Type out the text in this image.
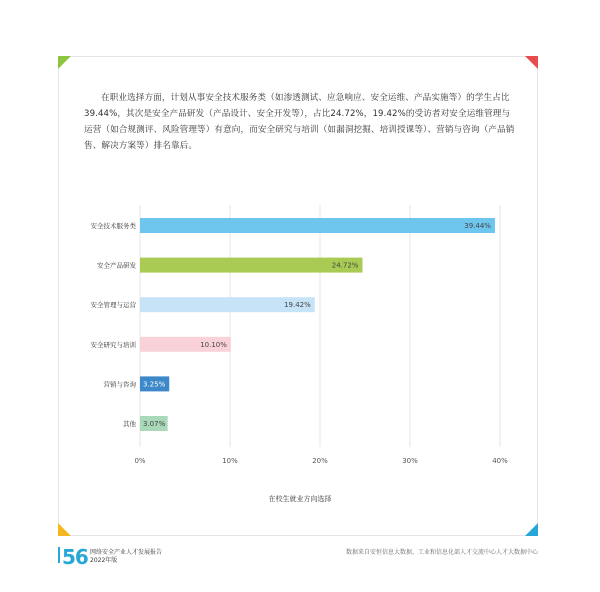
在职业选择方面，计划从事安全技术服务类（如渗透测试、应急响应、安全运维、产品实施等）的学生占比39.44%，其次是安全产品研发（产品设计、安全开发等），占比24.72%，19.42%的受访者对安全运维管理与运营（如合规测评、风险管理等）有意向，而安全研究与培训（如漏洞挖掘、培训授课等）、营销与咨询（产品销售、解决方案等）排名靠后。

0%	10%	20%	30%	40%
安全技术服务类	39.44%
安全产品研发	24.72%
安全管理与运营	19.42%
安全研究与培训	10.10%
营销与咨询 3.25%
其他 3.07%
在校生就业方向选择
56 网络安全产业人才发展报告
2022年版
数据来自安恒信息大数据、工业和信息化部人才交流中心人才大数据中心
